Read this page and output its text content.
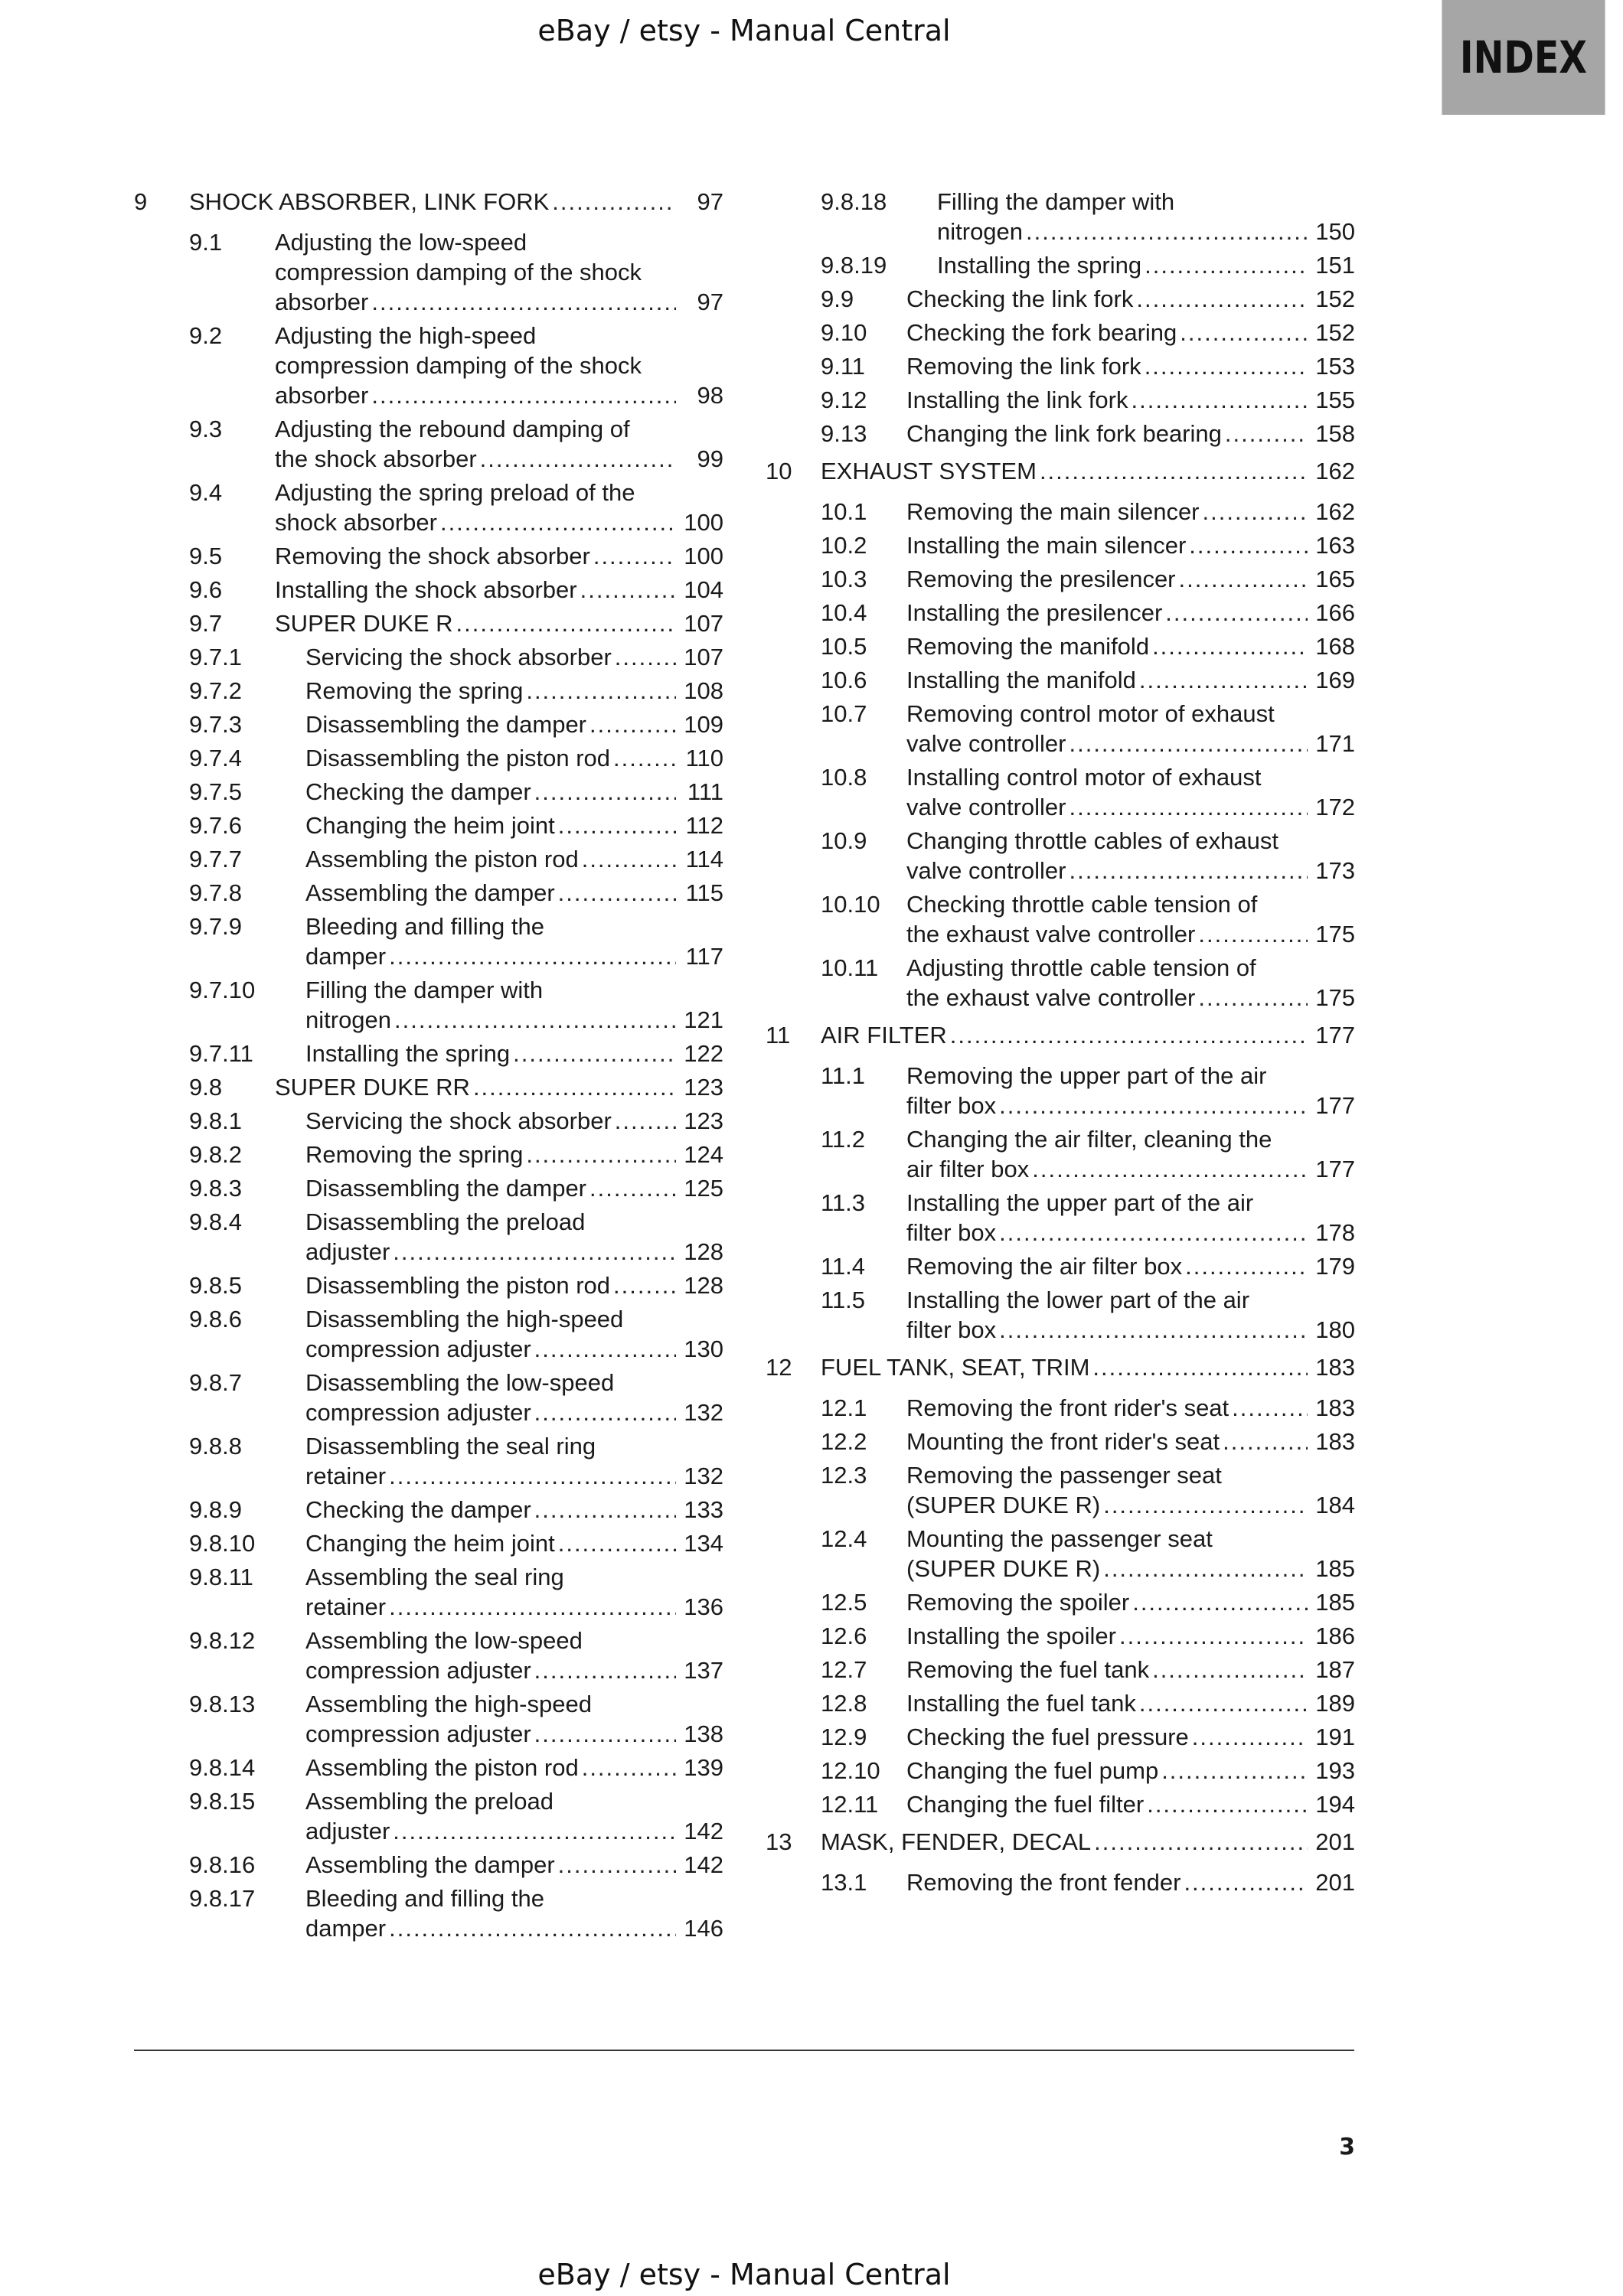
eBay / etsy - Manual Central
INDEX
9 SHOCK ABSORBER, LINK FORK .....	97
9.1 Adjusting the low-speed
compression damping of the shock
absorber .....	97
9.2 Adjusting the high-speed
compression damping of the shock
absorber .....	98
9.3 Adjusting the rebound damping of
the shock absorber .....	99
9.4 Adjusting the spring preload of the
shock absorber .....	100
9.5 Removing the shock absorber .....	100
9.6 Installing the shock absorber .....	104
9.7 SUPER DUKE R .....	107
9.7.1	Servicing the shock absorber .....	107
9.7.2	Removing the spring .....	108
9.7.3	Disassembling the damper .....	109
9.7.4	Disassembling the piston rod .....	110
9.7.5	Checking the damper .....	111
9.7.6	Changing the heim joint .....	112
9.7.7	Assembling the piston rod .....	114
9.7.8	Assembling the damper .....	115
9.7.9	Bleeding and filling the
damper .....	117
9.7.10 Filling the damper with
nitrogen .....	121
9.7.11 Installing the spring .....	122
9.8 SUPER DUKE RR .....	123
9.8.1	Servicing the shock absorber .....	123
9.8.2	Removing the spring .....	124
9.8.3	Disassembling the damper .....	125
9.8.4	Disassembling the preload
adjuster .....	128
9.8.5	Disassembling the piston rod .....	128
9.8.6	Disassembling the high-speed
compression adjuster .....	130
9.8.7	Disassembling the low-speed
compression adjuster .....	132
9.8.8	Disassembling the seal ring
retainer .....	132
9.8.9	Checking the damper .....	133
9.8.10 Changing the heim joint .....	134
9.8.11 Assembling the seal ring
retainer .....	136
9.8.12 Assembling the low-speed
compression adjuster .....	137
9.8.13 Assembling the high-speed
compression adjuster .....	138
9.8.14 Assembling the piston rod .....	139
9.8.15 Assembling the preload
adjuster .....	142
9.8.16 Assembling the damper .....	142
9.8.17 Bleeding and filling the
damper .....	146
9.8.18 Filling the damper with
nitrogen .....	150
9.8.19 Installing the spring .....	151
9.9 Checking the link fork .....	152
9.10 Checking the fork bearing .....	152
9.11 Removing the link fork .....	153
9.12 Installing the link fork .....	155
9.13 Changing the link fork bearing .....	158
10 EXHAUST SYSTEM .....	162
10.1 Removing the main silencer .....	162
10.2 Installing the main silencer .....	163
10.3 Removing the presilencer .....	165
10.4 Installing the presilencer .....	166
10.5 Removing the manifold .....	168
10.6 Installing the manifold .....	169
10.7 Removing control motor of exhaust
valve controller .....	171
10.8 Installing control motor of exhaust
valve controller .....	172
10.9 Changing throttle cables of exhaust
valve controller .....	173
10.10 Checking throttle cable tension of
the exhaust valve controller .....	175
10.11 Adjusting throttle cable tension of
the exhaust valve controller .....	175
11 AIR FILTER .....	177
11.1 Removing the upper part of the air
filter box .....	177
11.2 Changing the air filter, cleaning the
air filter box .....	177
11.3 Installing the upper part of the air
filter box .....	178
11.4 Removing the air filter box .....	179
11.5 Installing the lower part of the air
filter box .....	180
12 FUEL TANK, SEAT, TRIM .....	183
12.1 Removing the front rider's seat .....	183
12.2 Mounting the front rider's seat .....	183
12.3 Removing the passenger seat
(SUPER DUKE R) .....	184
12.4 Mounting the passenger seat
(SUPER DUKE R) .....	185
12.5 Removing the spoiler .....	185
12.6 Installing the spoiler .....	186
12.7 Removing the fuel tank .....	187
12.8 Installing the fuel tank .....	189
12.9 Checking the fuel pressure .....	191
12.10 Changing the fuel pump .....	193
12.11 Changing the fuel filter .....	194
13 MASK, FENDER, DECAL .....	201
13.1 Removing the front fender .....	201
3
eBay / etsy - Manual Central
